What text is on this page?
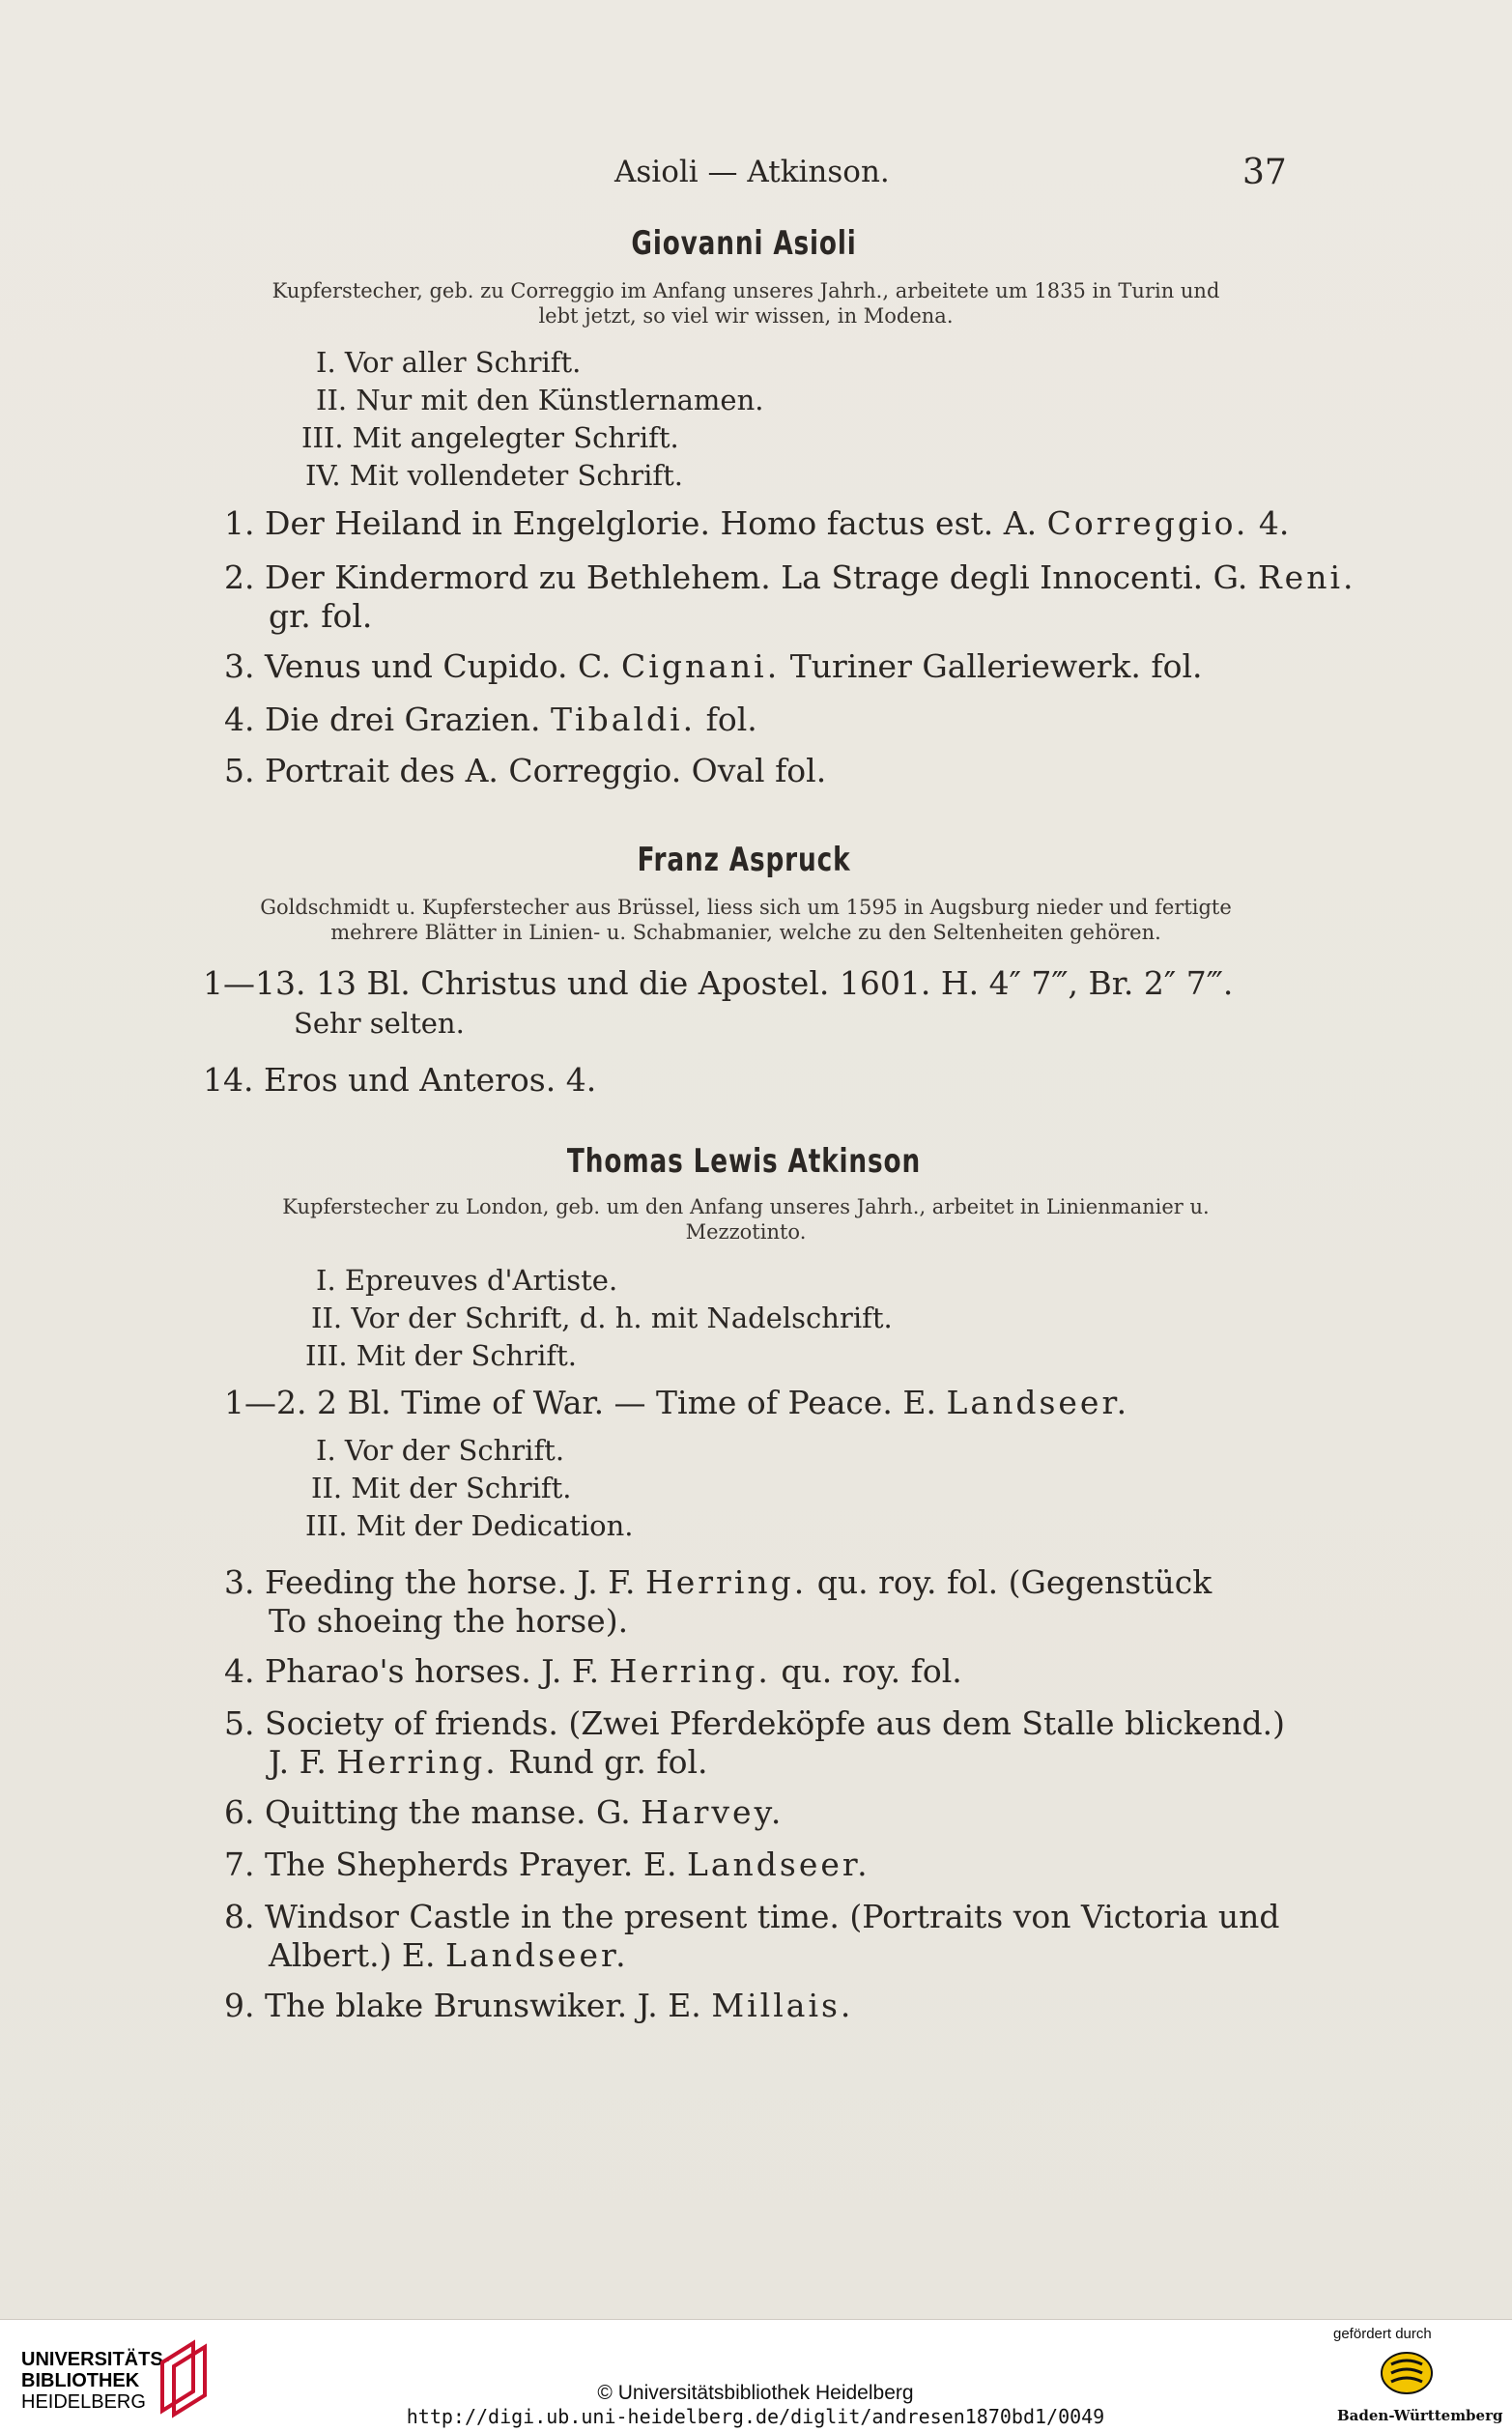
Asioli — Atkinson.	37
Giovanni Asioli
Kupferstecher, geb. zu Correggio im Anfang unseres Jahrh., arbeitete um 1835 in Turin und lebt jetzt, so viel wir wissen, in Modena.
I. Vor aller Schrift.
II. Nur mit den Künstlernamen.
III. Mit angelegter Schrift.
IV. Mit vollendeter Schrift.
1. Der Heiland in Engelglorie. Homo factus est. A. Correggio. 4.
2. Der Kindermord zu Bethlehem. La Strage degli Innocenti. G. Reni.
gr. fol.
3. Venus und Cupido. C. Cignani. Turiner Galleriewerk. fol.
4. Die drei Grazien. Tibaldi. fol.
5. Portrait des A. Correggio. Oval fol.
Franz Aspruck
Goldschmidt u. Kupferstecher aus Brüssel, liess sich um 1595 in Augsburg nieder und fertigte mehrere Blätter in Linien- u. Schabmanier, welche zu den Seltenheiten gehören.
1—13. 13 Bl. Christus und die Apostel. 1601. H. 4″ 7‴, Br. 2″ 7‴.
Sehr selten.
14. Eros und Anteros. 4.
Thomas Lewis Atkinson
Kupferstecher zu London, geb. um den Anfang unseres Jahrh., arbeitet in Linienmanier u. Mezzotinto.
I. Epreuves d'Artiste.
II. Vor der Schrift, d. h. mit Nadelschrift.
III. Mit der Schrift.
1—2. 2 Bl. Time of War. — Time of Peace. E. Landseer.
I. Vor der Schrift.
II. Mit der Schrift.
III. Mit der Dedication.
3. Feeding the horse. J. F. Herring. qu. roy. fol. (Gegenstück
To shoeing the horse).
4. Pharao's horses. J. F. Herring. qu. roy. fol.
5. Society of friends. (Zwei Pferdeköpfe aus dem Stalle blickend.)
J. F. Herring. Rund gr. fol.
6. Quitting the manse. G. Harvey.
7. The Shepherds Prayer. E. Landseer.
8. Windsor Castle in the present time. (Portraits von Victoria und
Albert.) E. Landseer.
9. The blake Brunswiker. J. E. Millais.
UNIVERSITÄTS-
BIBLIOTHEK
HEIDELBERG	© Universitätsbibliothek Heidelberg
http://digi.ub.uni-heidelberg.de/diglit/andresen1870bd1/0049
gefördert durch
Baden-Württemberg
